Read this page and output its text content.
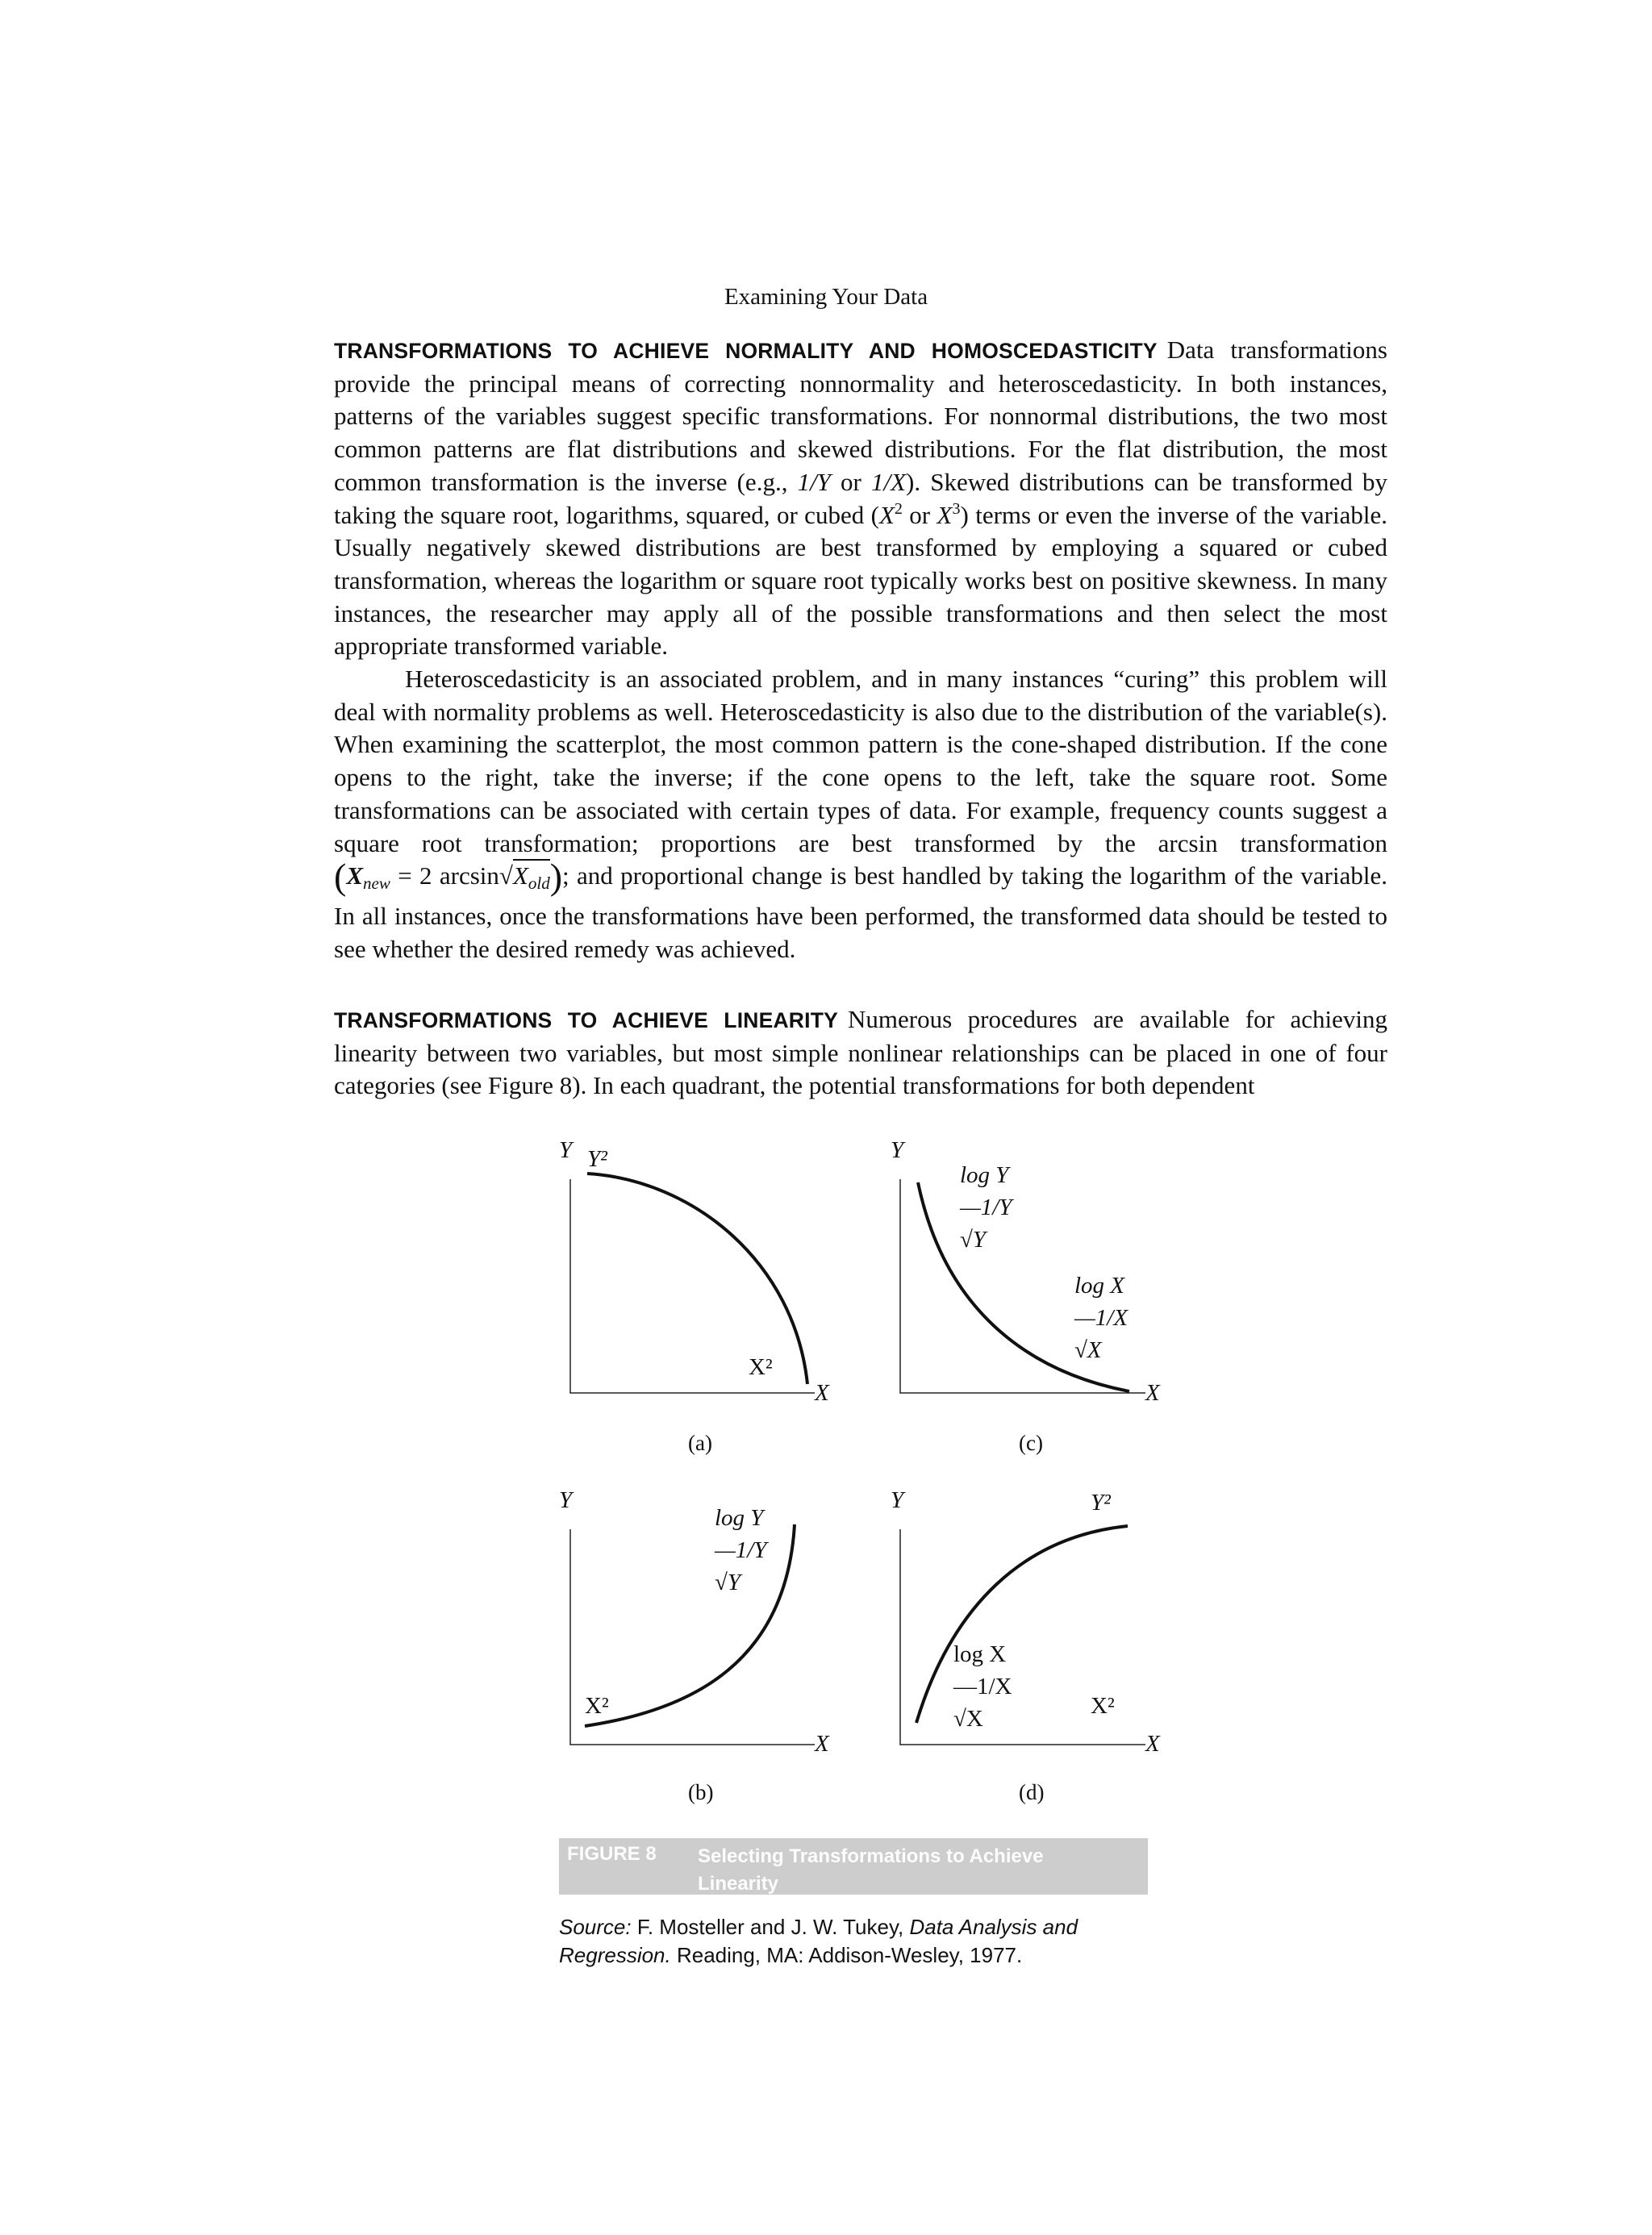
Examining Your Data

TRANSFORMATIONS TO ACHIEVE NORMALITY AND HOMOSCEDASTICITY Data transformations provide the principal means of correcting nonnormality and heteroscedasticity. In both instances, patterns of the variables suggest specific transformations. For nonnormal distributions, the two most common patterns are flat distributions and skewed distributions. For the flat distribution, the most common transformation is the inverse (e.g., 1/Y or 1/X). Skewed distributions can be transformed by taking the square root, logarithms, squared, or cubed ($X^2$ or $X^3$) terms or even the inverse of the variable. Usually negatively skewed distributions are best transformed by employing a squared or cubed transformation, whereas the logarithm or square root typically works best on positive skewness. In many instances, the researcher may apply all of the possible transformations and then select the most appropriate transformed variable.

Heteroscedasticity is an associated problem, and in many instances “curing” this problem will deal with normality problems as well. Heteroscedasticity is also due to the distribution of the variable(s). When examining the scatterplot, the most common pattern is the cone-shaped distribution. If the cone opens to the right, take the inverse; if the cone opens to the left, take the square root. Some transformations can be associated with certain types of data. For example, frequency counts suggest a square root transformation; proportions are best transformed by the arcsin transformation ($X_{new} = 2$ $\arcsin√X_{old}$); and proportional change is best handled by taking the logarithm of the variable. In all instances, once the transformations have been performed, the transformed data should be tested to see whether the desired remedy was achieved.

TRANSFORMATIONS TO ACHIEVE LINEARITY Numerous procedures are available for achieving linearity between two variables, but most simple nonlinear relationships can be placed in one of four categories (see Figure 8). In each quadrant, the potential transformations for both dependent

Y
X
Y
X
Y
X
Y
X
Y²
X²
log Y
—1/Y
√Y
log X
—1/X
√X
log Y
—1/Y
√Y
X²
Y²
log X
—1/X
√X	X²
(a)	(c)
(b)	(d)
FIGURE 8 Selecting Transformations to Achieve Linearity
Source: F. Mosteller and J. W. Tukey, Data Analysis and Regression. Reading, MA: Addison-Wesley, 1977.
